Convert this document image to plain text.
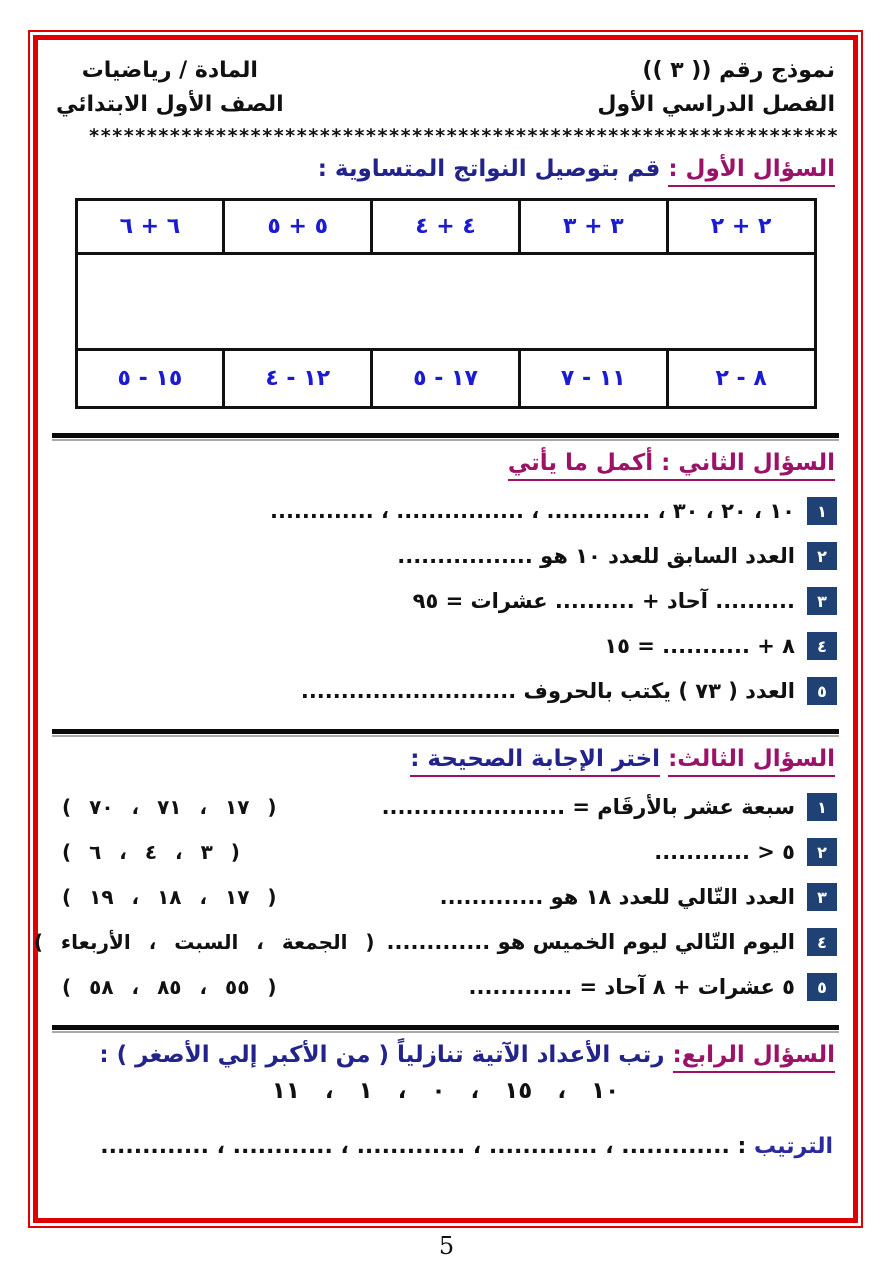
نموذج رقم (( ٣ ))
الفصل الدراسي الأول
المادة / رياضيات
الصف الأول الابتدائي
*****************************************************************
السؤال الأول : قم بتوصيل النواتج المتساوية :
٢ + ٢	٣ + ٣	٤ + ٤	٥ + ٥	٦ + ٦

٨ - ٢	١١ - ٧	١٧ - ٥	١٢ - ٤	١٥ - ٥
السؤال الثاني : أكمل ما يأتي
١
١٠ ، ٢٠ ، ٣٠ ، ............. ، ................ ، .............
٢
العدد السابق للعدد ١٠ هو .................
٣
.......... آحاد + .......... عشرات = ٩٥
٤
٨ + ........... = ١٥
٥
العدد ( ٧٣ ) يكتب بالحروف ...........................
السؤال الثالث: اختر الإجابة الصحيحة :
١
سبعة عشر بالأرقَام = .......................
( ١٧ ، ٧١ ، ٧٠ )
٢
٥ < ............
( ٣ ، ٤ ، ٦ )
٣
العدد التّالي للعدد ١٨ هو .............
( ١٧ ، ١٨ ، ١٩ )
٤
اليوم التّالي ليوم الخميس هو .............
( الجمعة ، السبت ، الأربعاء )
٥
٥ عشرات + ٨ آحاد = .............
( ٥٥ ، ٨٥ ، ٥٨ )
السؤال الرابع: رتب الأعداد الآتية تنازلياً ( من الأكبر إلي الأصغر ) :
١٠ ، ١٥ ، ٠ ، ١ ، ١١
الترتيب : ............. ، ............. ، ............. ، ............ ، .............
5
